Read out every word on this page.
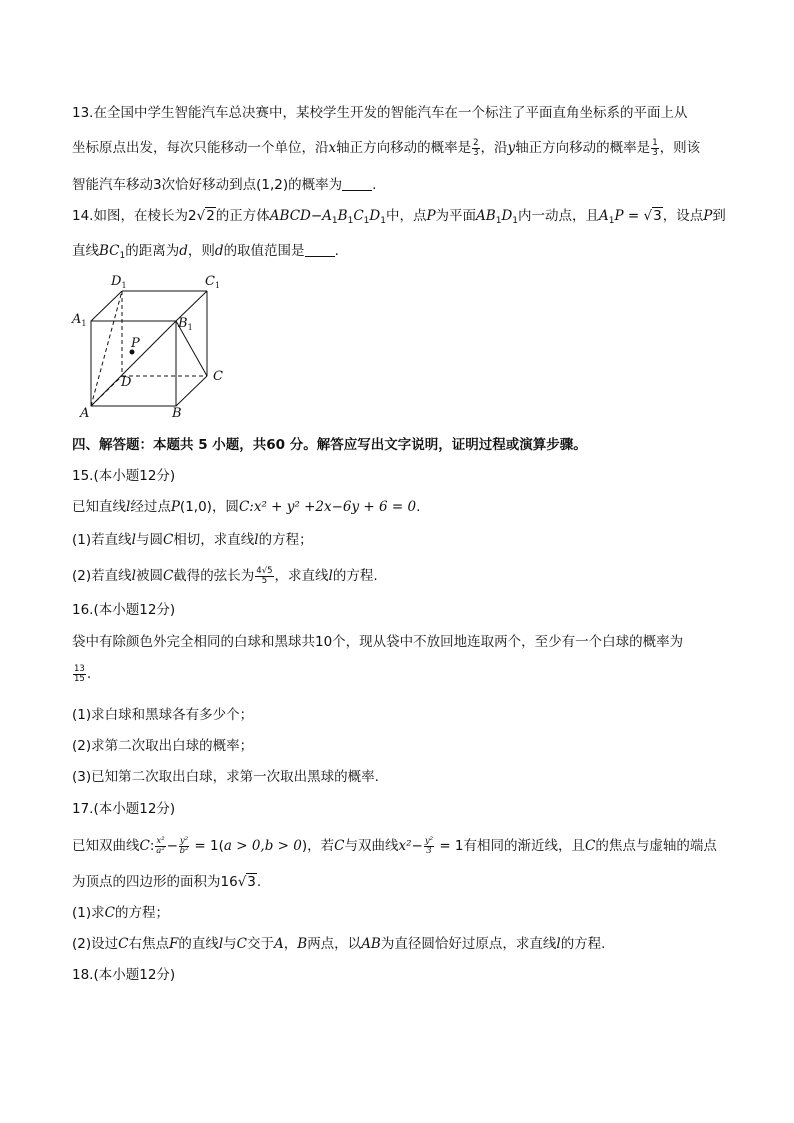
13.在全国中学生智能汽车总决赛中，某校学生开发的智能汽车在一个标注了平面直角坐标系的平面上从
坐标原点出发，每次只能移动一个单位，沿x轴正方向移动的概率是 $\frac{2}{3}$ ，沿y轴正方向移动的概率是 $\frac{1}{3}$ ，则该
智能汽车移动3次恰好移动到点(1,2)的概率为 .
14.如图，在棱长为2√2的正方体$ABCD-A_1B_1C_1D_1$中，点P为平面$AB_1D_1$内一动点，且$A_1P = √3$，设点P到
直线$BC_1$的距离为d，则d的取值范围是 .
$D_1$	$C_1$
$A_1$	$B_1$
P
D	C
A	B
四、解答题：本题共 5 小题，共60 分。解答应写出文字说明，证明过程或演算步骤。
15.(本小题12分)
已知直线l经过点P(1,0)，圆C:x² + y² +2x−6y + 6 = 0.
(1)若直线l与圆C相切，求直线l的方程；
(2)若直线l被圆C截得的弦长为 $\frac{4√5}{5}$ ，求直线l的方程.
16.(本小题12分)
袋中有除颜色外完全相同的白球和黑球共10个，现从袋中不放回地连取两个，至少有一个白球的概率为
$\frac{13}{15}$ .
(1)求白球和黑球各有多少个；
(2)求第二次取出白球的概率；
(3)已知第二次取出白球，求第一次取出黑球的概率.
17.(本小题12分)
已知双曲线C: $\frac{\text{x²}}{\text{a²}} - \frac{\text{y²}}{\text{b²}} = 1(a > 0,b > 0)$，若C与双曲线$x^2- \frac{\text{y²}}{3} = 1$有相同的渐近线，且C的焦点与虚轴的端点
为顶点的四边形的面积为16√3.
(1)求C的方程；
(2)设过C右焦点F的直线l与C交于A，B两点，以AB为直径圆恰好过原点，求直线l的方程.
18.(本小题12分)
